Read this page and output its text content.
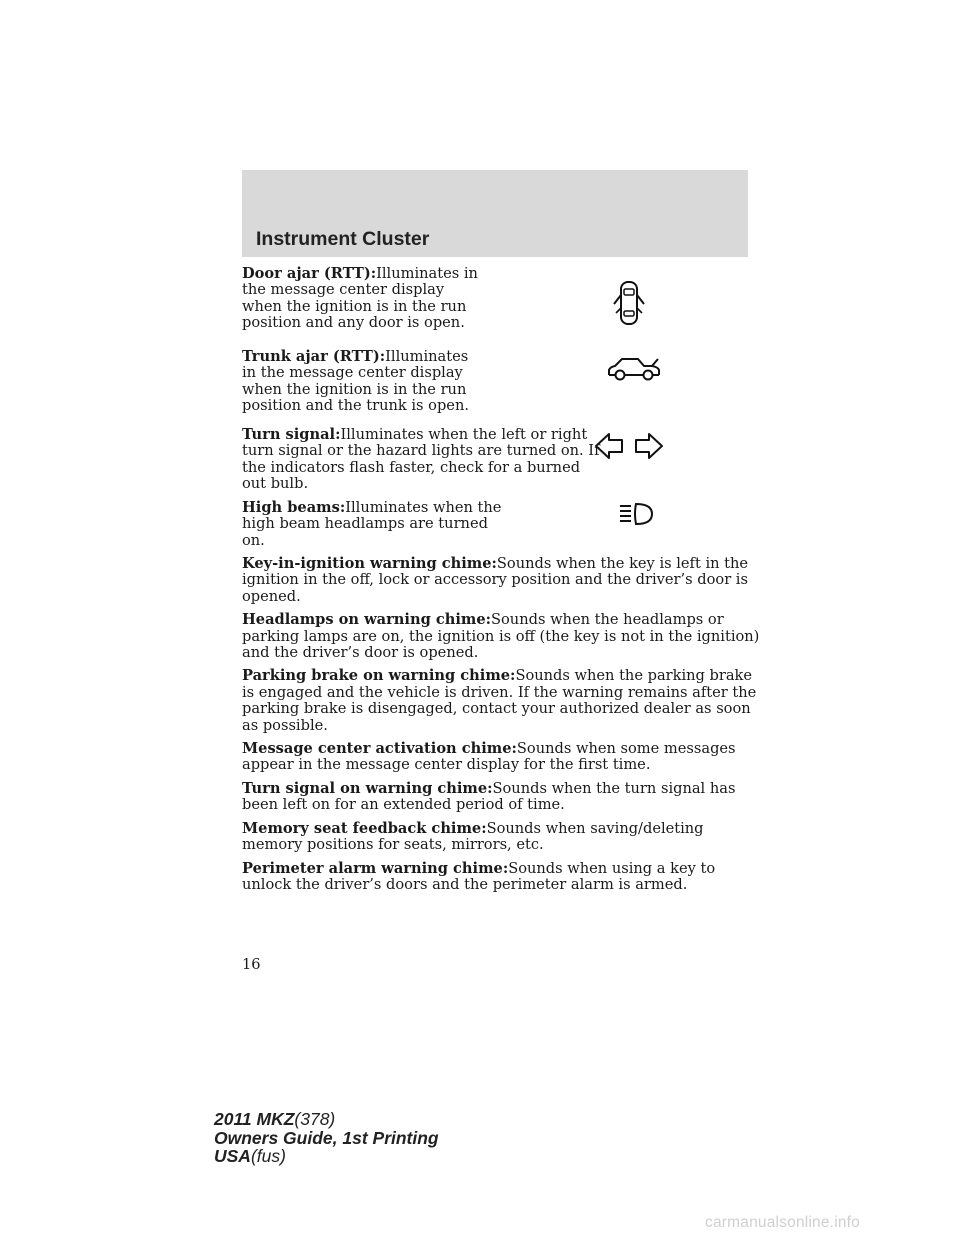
Instrument Cluster
Door ajar (RTT):Illuminates in the message center display when the ignition is in the run position and any door is open.
Trunk ajar (RTT):Illuminates in the message center display when the ignition is in the run position and the trunk is open.
Turn signal:Illuminates when the left or right turn signal or the hazard lights are turned on. If the indicators flash faster, check for a burned out bulb.
High beams:Illuminates when the high beam headlamps are turned on.
Key-in-ignition warning chime:Sounds when the key is left in the ignition in the off, lock or accessory position and the driver’s door is opened.
Headlamps on warning chime:Sounds when the headlamps or parking lamps are on, the ignition is off (the key is not in the ignition) and the driver’s door is opened.
Parking brake on warning chime:Sounds when the parking brake is engaged and the vehicle is driven. If the warning remains after the parking brake is disengaged, contact your authorized dealer as soon as possible.
Message center activation chime:Sounds when some messages appear in the message center display for the first time.
Turn signal on warning chime:Sounds when the turn signal has been left on for an extended period of time.
Memory seat feedback chime:Sounds when saving/deleting memory positions for seats, mirrors, etc.
Perimeter alarm warning chime:Sounds when using a key to unlock the driver’s doors and the perimeter alarm is armed.
16
2011 MKZ(378)
Owners Guide, 1st Printing
USA(fus)
carmanualsonline.info
